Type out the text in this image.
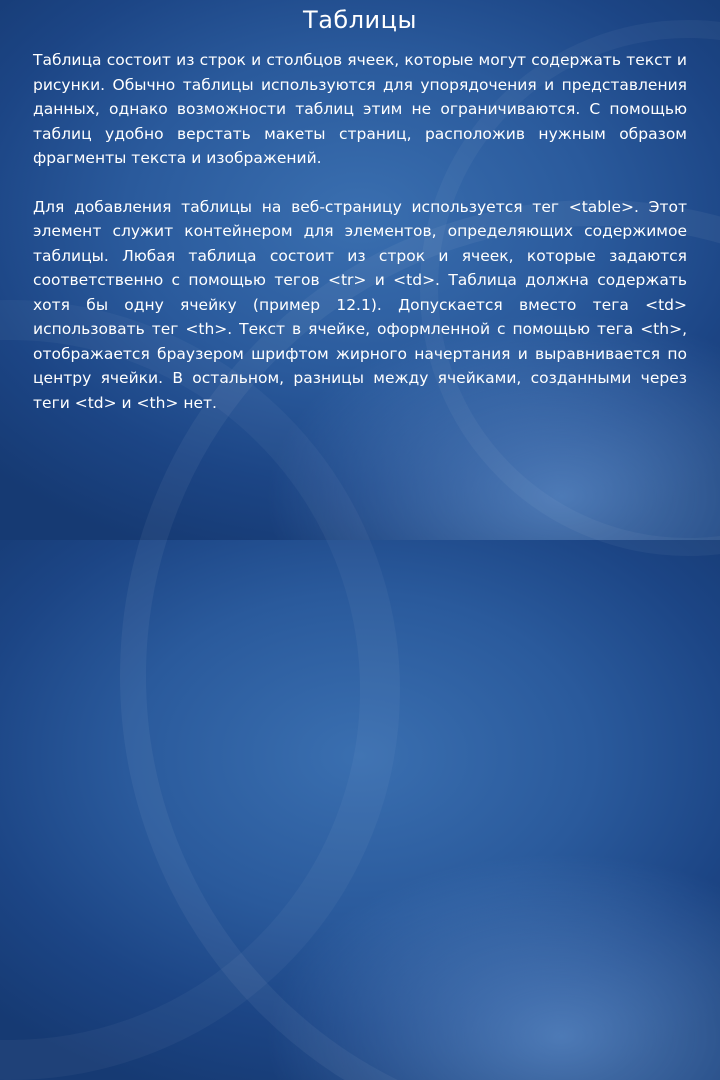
Таблицы

Таблица состоит из строк и столбцов ячеек, которые могут содержать текст и рисунки. Обычно таблицы используются для упорядочения и представления данных, однако возможности таблиц этим не ограничиваются. С помощью таблиц удобно верстать макеты страниц, расположив нужным образом фрагменты текста и изображений.

Для добавления таблицы на веб-страницу используется тег <table>. Этот элемент служит контейнером для элементов, определяющих содержимое таблицы. Любая таблица состоит из строк и ячеек, которые задаются соответственно с помощью тегов <tr> и <td>. Таблица должна содержать хотя бы одну ячейку (пример 12.1). Допускается вместо тега <td> использовать тег <th>. Текст в ячейке, оформленной с помощью тега <th>, отображается браузером шрифтом жирного начертания и выравнивается по центру ячейки. В остальном, разницы между ячейками, созданными через теги <td> и <th> нет.
